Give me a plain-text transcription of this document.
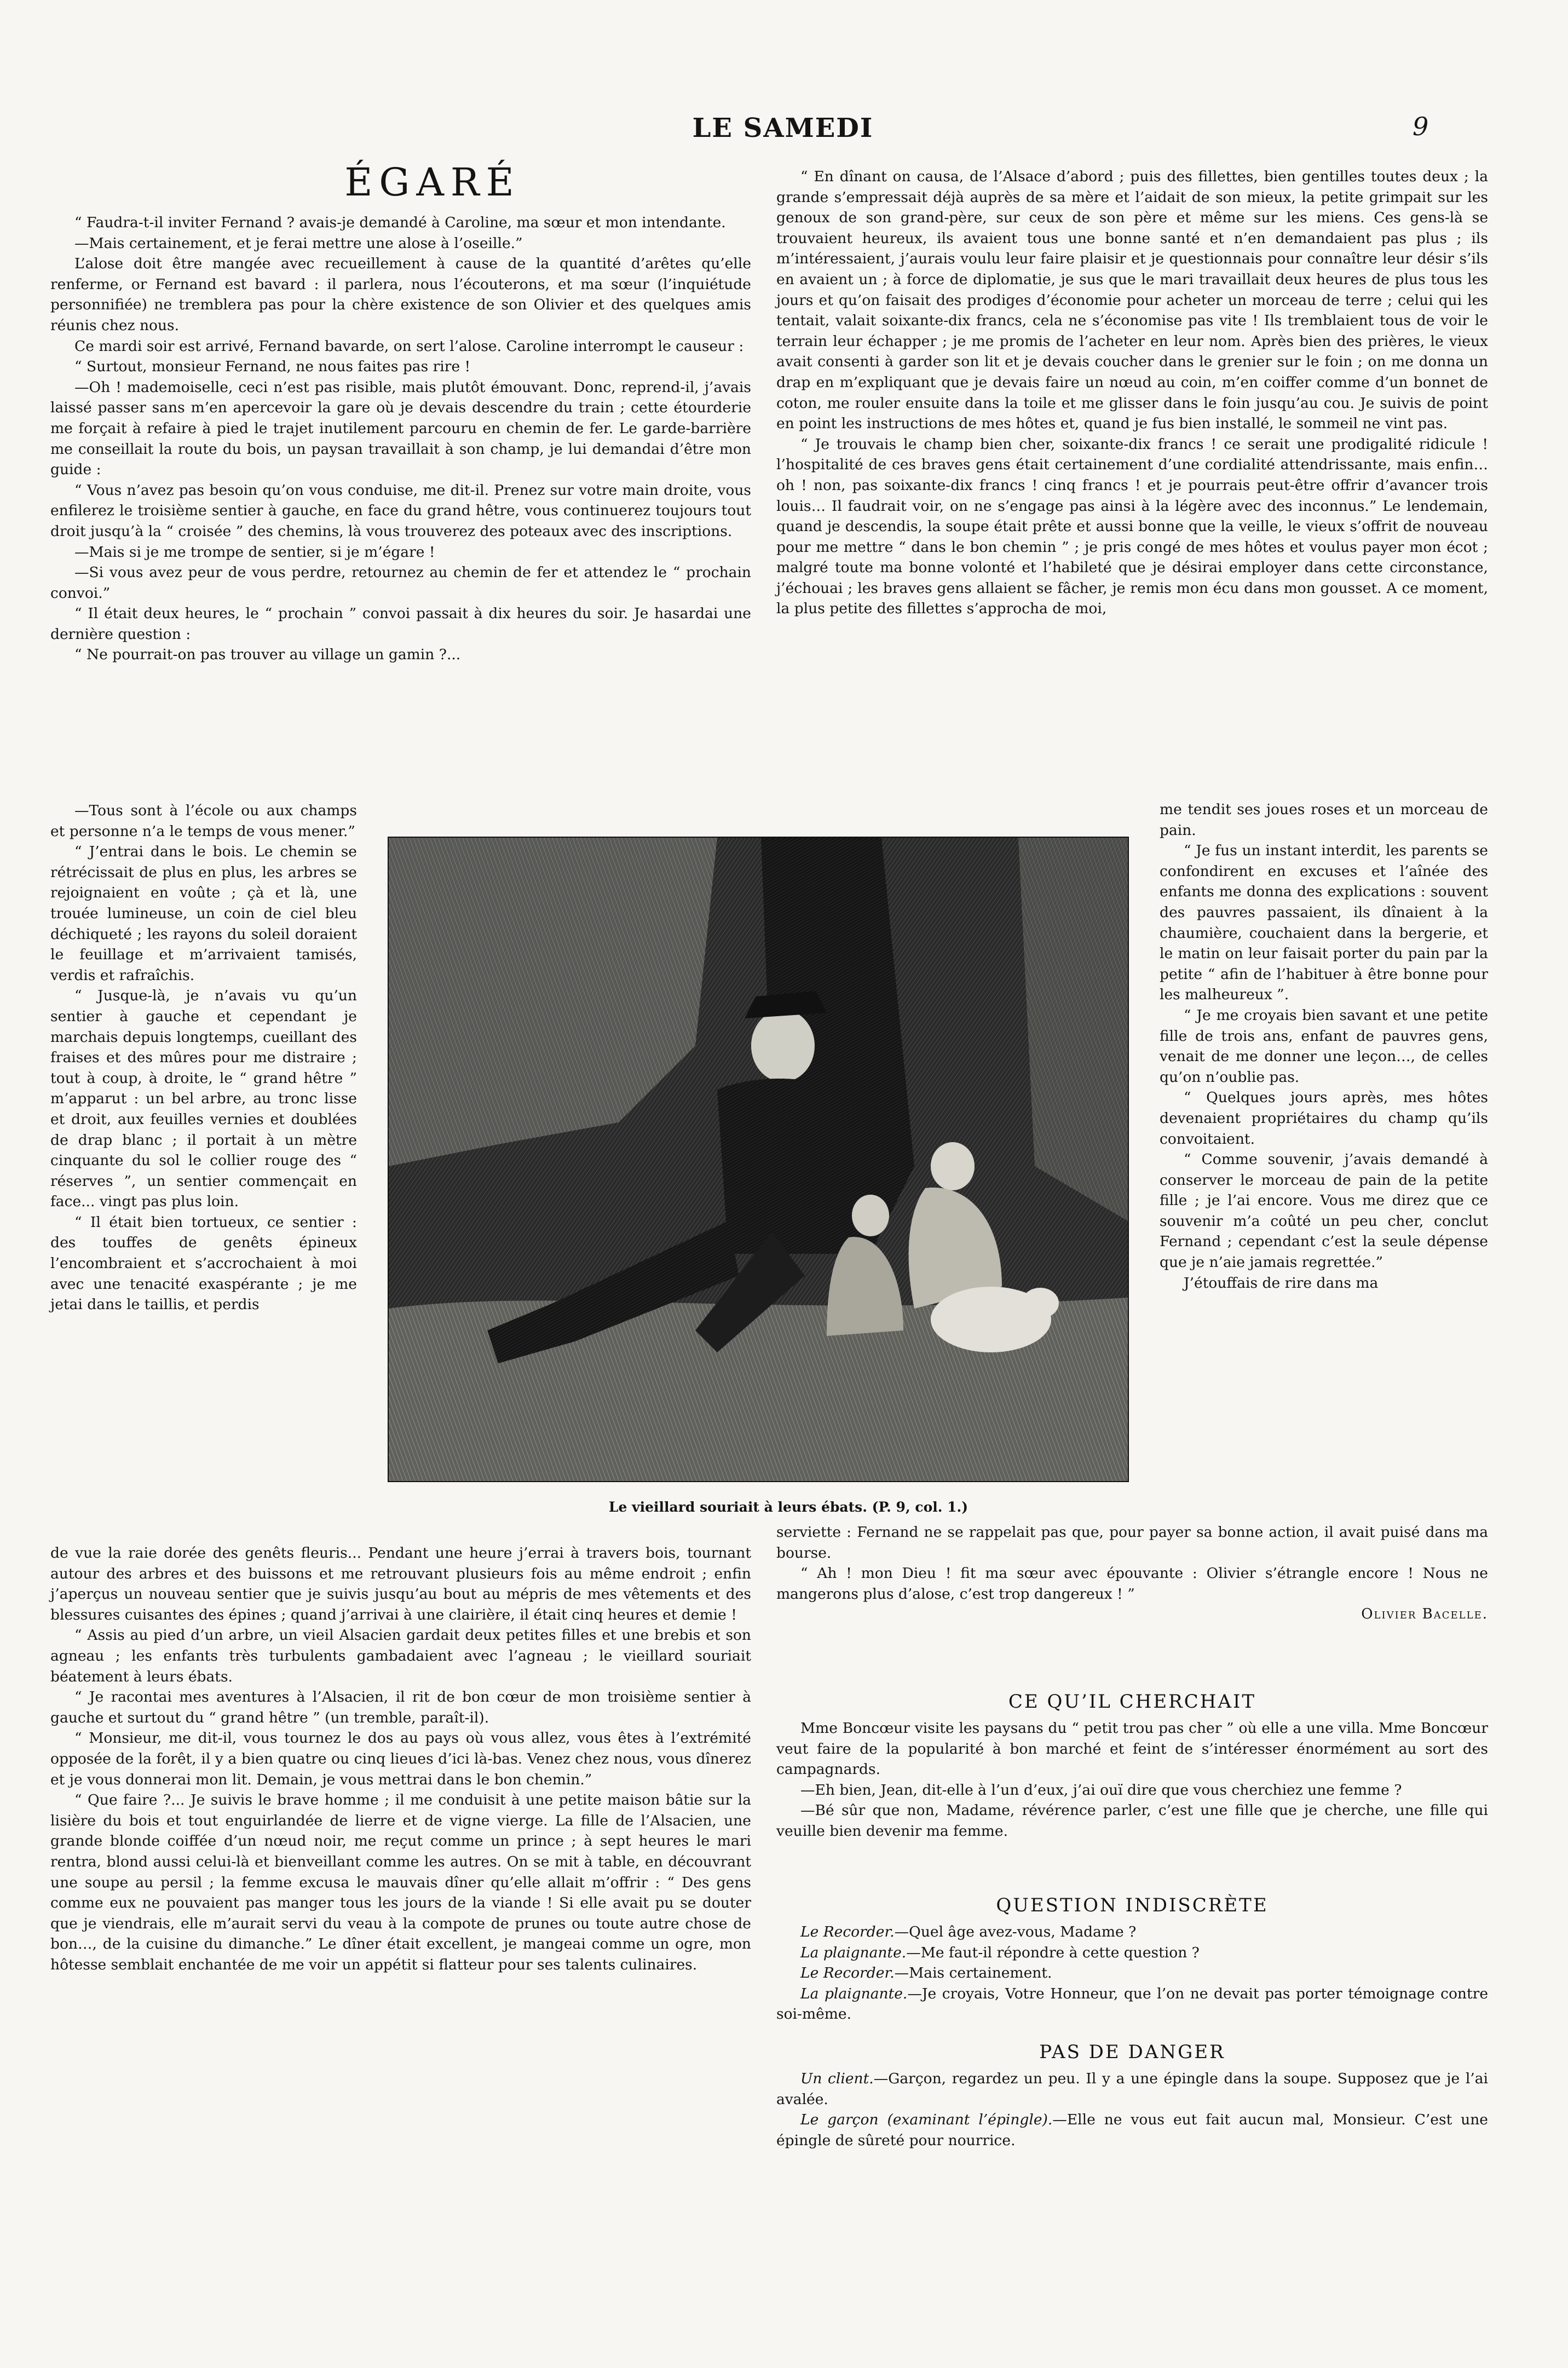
LE SAMEDI	9
ÉGARÉ

“ Faudra-t-il inviter Fernand ? avais-je demandé à Caroline, ma sœur et mon intendante.

—Mais certainement, et je ferai mettre une alose à l’oseille.”

L’alose doit être mangée avec recueillement à cause de la quantité d’arêtes qu’elle renferme, or Fernand est bavard : il parlera, nous l’écouterons, et ma sœur (l’inquiétude personnifiée) ne tremblera pas pour la chère existence de son Olivier et des quelques amis réunis chez nous.

Ce mardi soir est arrivé, Fernand bavarde, on sert l’alose. Caroline interrompt le causeur :

“ Surtout, monsieur Fernand, ne nous faites pas rire !

—Oh ! mademoiselle, ceci n’est pas risible, mais plutôt émouvant. Donc, reprend-il, j’avais laissé passer sans m’en apercevoir la gare où je devais descendre du train ; cette étourderie me forçait à refaire à pied le trajet inutilement parcouru en chemin de fer. Le garde-barrière me conseillait la route du bois, un paysan travaillait à son champ, je lui demandai d’être mon guide :

“ Vous n’avez pas besoin qu’on vous conduise, me dit-il. Prenez sur votre main droite, vous enfilerez le troisième sentier à gauche, en face du grand hêtre, vous continuerez toujours tout droit jusqu’à la “ croisée ” des chemins, là vous trouverez des poteaux avec des inscriptions.

—Mais si je me trompe de sentier, si je m’égare !

—Si vous avez peur de vous perdre, retournez au chemin de fer et attendez le “ prochain convoi.”

“ Il était deux heures, le “ prochain ” convoi passait à dix heures du soir. Je hasardai une dernière question :

“ Ne pourrait-on pas trouver au village un gamin ?...

—Tous sont à l’école ou aux champs et personne n’a le temps de vous mener.”

“ J’entrai dans le bois. Le chemin se rétrécissait de plus en plus, les arbres se rejoignaient en voûte ; çà et là, une trouée lumineuse, un coin de ciel bleu déchiqueté ; les rayons du soleil doraient le feuillage et m’arrivaient tamisés, verdis et rafraîchis.

“ Jusque-là, je n’avais vu qu’un sentier à gauche et cependant je marchais depuis longtemps, cueillant des fraises et des mûres pour me distraire ; tout à coup, à droite, le “ grand hêtre ” m’apparut : un bel arbre, au tronc lisse et droit, aux feuilles vernies et doublées de drap blanc ; il portait à un mètre cinquante du sol le collier rouge des “ réserves ”, un sentier commençait en face... vingt pas plus loin.

“ Il était bien tortueux, ce sentier : des touffes de genêts épineux l’encombraient et s’accrochaient à moi avec une tenacité exaspérante ; je me jetai dans le taillis, et perdis

de vue la raie dorée des genêts fleuris... Pendant une heure j’errai à travers bois, tournant autour des arbres et des buissons et me retrouvant plusieurs fois au même endroit ; enfin j’aperçus un nouveau sentier que je suivis jusqu’au bout au mépris de mes vêtements et des blessures cuisantes des épines ; quand j’arrivai à une clairière, il était cinq heures et demie !

“ Assis au pied d’un arbre, un vieil Alsacien gardait deux petites filles et une brebis et son agneau ; les enfants très turbulents gambadaient avec l’agneau ; le vieillard souriait béatement à leurs ébats.

“ Je racontai mes aventures à l’Alsacien, il rit de bon cœur de mon troisième sentier à gauche et surtout du “ grand hêtre ” (un tremble, paraît-il).

“ Monsieur, me dit-il, vous tournez le dos au pays où vous allez, vous êtes à l’extrémité opposée de la forêt, il y a bien quatre ou cinq lieues d’ici là-bas. Venez chez nous, vous dînerez et je vous donnerai mon lit. Demain, je vous mettrai dans le bon chemin.”

“ Que faire ?... Je suivis le brave homme ; il me conduisit à une petite maison bâtie sur la lisière du bois et tout enguirlandée de lierre et de vigne vierge. La fille de l’Alsacien, une grande blonde coiffée d’un nœud noir, me reçut comme un prince ; à sept heures le mari rentra, blond aussi celui-là et bienveillant comme les autres. On se mit à table, en découvrant une soupe au persil ; la femme excusa le mauvais dîner qu’elle allait m’offrir : “ Des gens comme eux ne pouvaient pas manger tous les jours de la viande ! Si elle avait pu se douter que je viendrais, elle m’aurait servi du veau à la compote de prunes ou toute autre chose de bon…, de la cuisine du dimanche.” Le dîner était excellent, je mangeai comme un ogre, mon hôtesse semblait enchantée de me voir un appétit si flatteur pour ses talents culinaires.

“ En dînant on causa, de l’Alsace d’abord ; puis des fillettes, bien gentilles toutes deux ; la grande s’empressait déjà auprès de sa mère et l’aidait de son mieux, la petite grimpait sur les genoux de son grand-père, sur ceux de son père et même sur les miens. Ces gens-là se trouvaient heureux, ils avaient tous une bonne santé et n’en demandaient pas plus ; ils m’intéressaient, j’aurais voulu leur faire plaisir et je questionnais pour connaître leur désir s’ils en avaient un ; à force de diplomatie, je sus que le mari travaillait deux heures de plus tous les jours et qu’on faisait des prodiges d’économie pour acheter un morceau de terre ; celui qui les tentait, valait soixante-dix francs, cela ne s’économise pas vite ! Ils tremblaient tous de voir le terrain leur échapper ; je me promis de l’acheter en leur nom. Après bien des prières, le vieux avait consenti à garder son lit et je devais coucher dans le grenier sur le foin ; on me donna un drap en m’expliquant que je devais faire un nœud au coin, m’en coiffer comme d’un bonnet de coton, me rouler ensuite dans la toile et me glisser dans le foin jusqu’au cou. Je suivis de point en point les instructions de mes hôtes et, quand je fus bien installé, le sommeil ne vint pas.

“ Je trouvais le champ bien cher, soixante-dix francs ! ce serait une prodigalité ridicule ! l’hospitalité de ces braves gens était certainement d’une cordialité attendrissante, mais enfin… oh ! non, pas soixante-dix francs ! cinq francs ! et je pourrais peut-être offrir d’avancer trois louis… Il faudrait voir, on ne s’engage pas ainsi à la légère avec des inconnus.” Le lendemain, quand je descendis, la soupe était prête et aussi bonne que la veille, le vieux s’offrit de nouveau pour me mettre “ dans le bon chemin ” ; je pris congé de mes hôtes et voulus payer mon écot ; malgré toute ma bonne volonté et l’habileté que je désirai employer dans cette circonstance, j’échouai ; les braves gens allaient se fâcher, je remis mon écu dans mon gousset. A ce moment, la plus petite des fillettes s’approcha de moi,

me tendit ses joues roses et un morceau de pain.

“ Je fus un instant interdit, les parents se confondirent en excuses et l’aînée des enfants me donna des explications : souvent des pauvres passaient, ils dînaient à la chaumière, couchaient dans la bergerie, et le matin on leur faisait porter du pain par la petite “ afin de l’habituer à être bonne pour les malheureux ”.

“ Je me croyais bien savant et une petite fille de trois ans, enfant de pauvres gens, venait de me donner une leçon…, de celles qu’on n’oublie pas.

“ Quelques jours après, mes hôtes devenaient propriétaires du champ qu’ils convoitaient.

“ Comme souvenir, j’avais demandé à conserver le morceau de pain de la petite fille ; je l’ai encore. Vous me direz que ce souvenir m’a coûté un peu cher, conclut Fernand ; cependant c’est la seule dépense que je n’aie jamais regrettée.”

J’étouffais de rire dans ma

serviette : Fernand ne se rappelait pas que, pour payer sa bonne action, il avait puisé dans ma bourse.

“ Ah ! mon Dieu ! fit ma sœur avec épouvante : Olivier s’étrangle encore ! Nous ne mangerons plus d’alose, c’est trop dangereux ! ”

Olivier Bacelle.
Le vieillard souriait à leurs ébats. (P. 9, col. 1.)
CE QU’IL CHERCHAIT

Mme Boncœur visite les paysans du “ petit trou pas cher ” où elle a une villa. Mme Boncœur veut faire de la popularité à bon marché et feint de s’intéresser énormément au sort des campagnards.

—Eh bien, Jean, dit-elle à l’un d’eux, j’ai ouï dire que vous cherchiez une femme ?

—Bé sûr que non, Madame, révérence parler, c’est une fille que je cherche, une fille qui veuille bien devenir ma femme.

QUESTION INDISCRÈTE

Le Recorder.—Quel âge avez-vous, Madame ?

La plaignante.—Me faut-il répondre à cette question ?

Le Recorder.—Mais certainement.

La plaignante.—Je croyais, Votre Honneur, que l’on ne devait pas porter témoignage contre soi-même.

PAS DE DANGER

Un client.—Garçon, regardez un peu. Il y a une épingle dans la soupe. Supposez que je l’ai avalée.

Le garçon (examinant l’épingle).—Elle ne vous eut fait aucun mal, Monsieur. C’est une épingle de sûreté pour nourrice.
